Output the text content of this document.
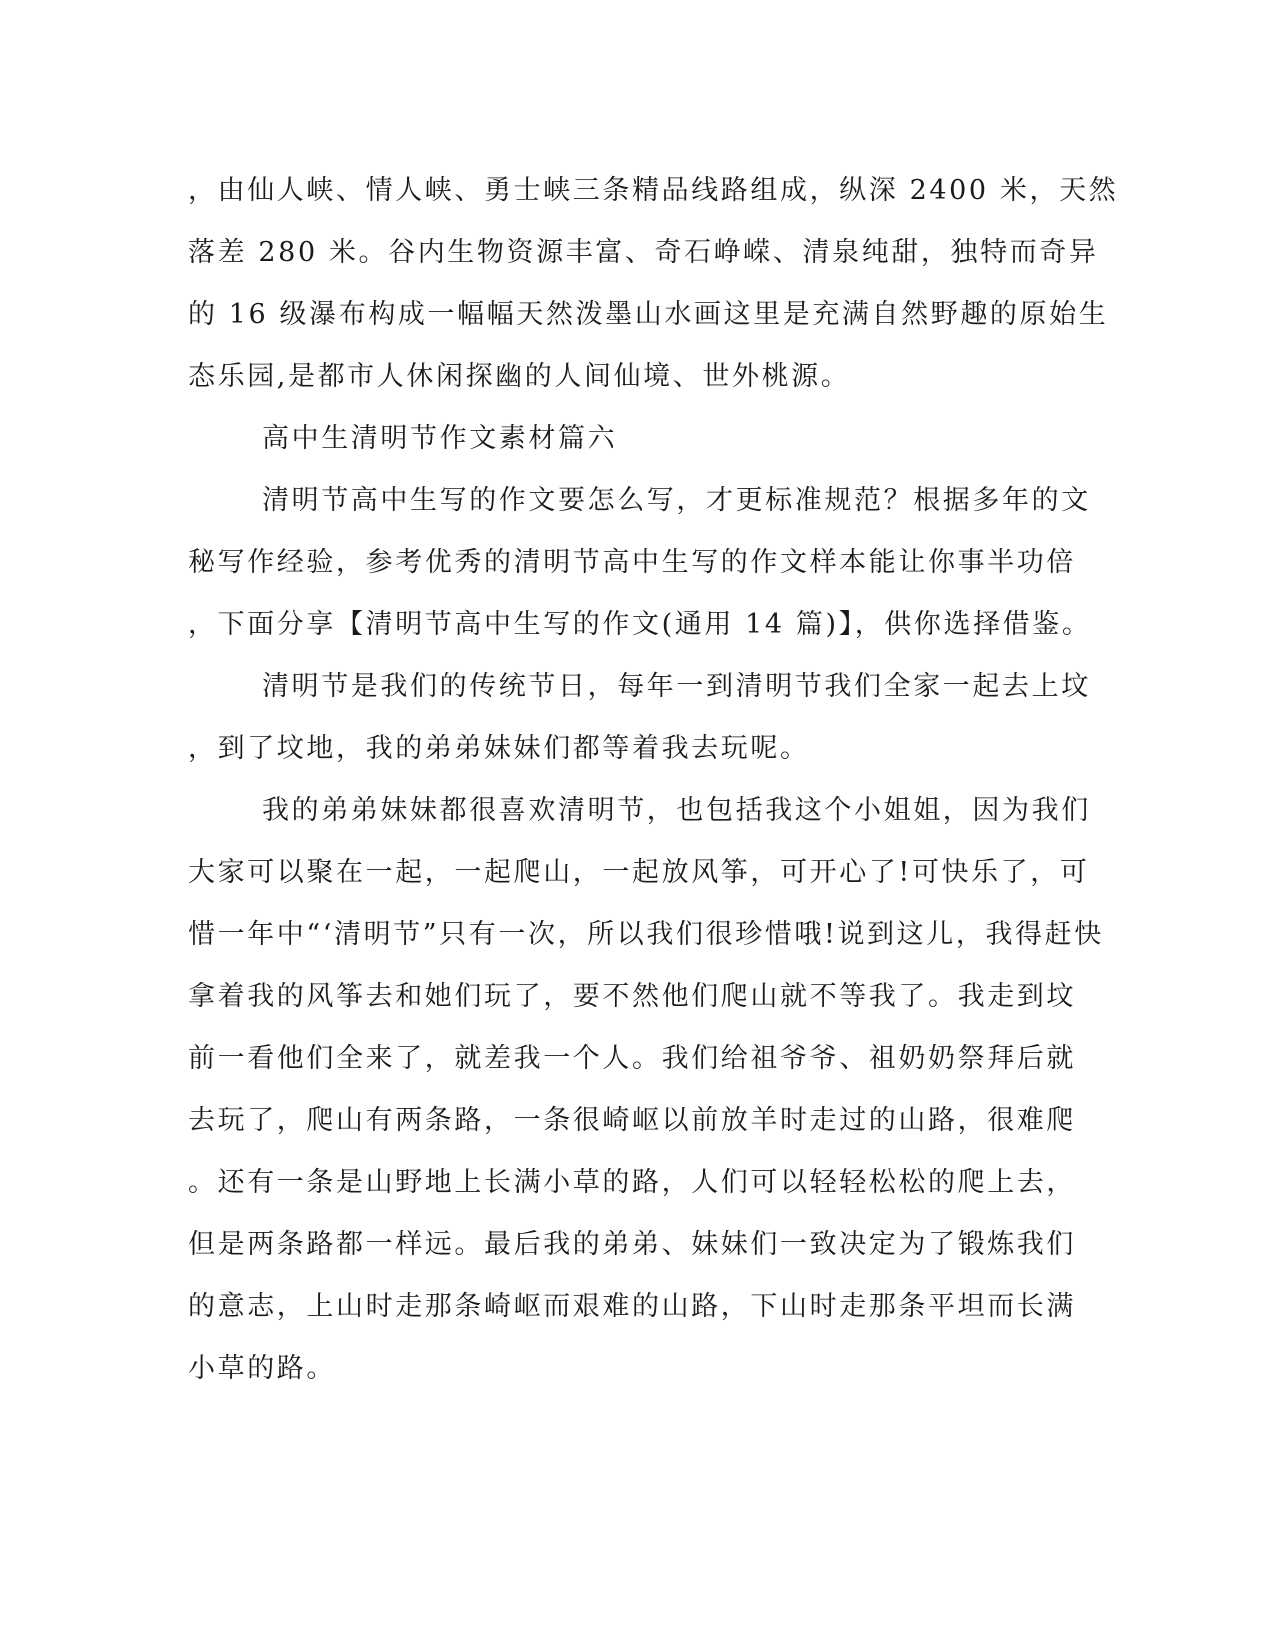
，由仙人峡、情人峡、勇士峡三条精品线路组成，纵深 2400 米，天然
落差 280 米。谷内生物资源丰富、奇石峥嵘、清泉纯甜，独特而奇异
的 16 级瀑布构成一幅幅天然泼墨山水画这里是充满自然野趣的原始生
态乐园,是都市人休闲探幽的人间仙境、世外桃源。
高中生清明节作文素材篇六
清明节高中生写的作文要怎么写，才更标准规范？根据多年的文
秘写作经验，参考优秀的清明节高中生写的作文样本能让你事半功倍
，下面分享【清明节高中生写的作文(通用 14 篇)】，供你选择借鉴。
清明节是我们的传统节日，每年一到清明节我们全家一起去上坟
，到了坟地，我的弟弟妹妹们都等着我去玩呢。
我的弟弟妹妹都很喜欢清明节，也包括我这个小姐姐，因为我们
大家可以聚在一起，一起爬山，一起放风筝，可开心了!可快乐了，可
惜一年中“‘清明节”只有一次，所以我们很珍惜哦!说到这儿，我得赶快
拿着我的风筝去和她们玩了，要不然他们爬山就不等我了。我走到坟
前一看他们全来了，就差我一个人。我们给祖爷爷、祖奶奶祭拜后就
去玩了，爬山有两条路，一条很崎岖以前放羊时走过的山路，很难爬
。还有一条是山野地上长满小草的路，人们可以轻轻松松的爬上去，
但是两条路都一样远。最后我的弟弟、妹妹们一致决定为了锻炼我们
的意志，上山时走那条崎岖而艰难的山路，下山时走那条平坦而长满
小草的路。
